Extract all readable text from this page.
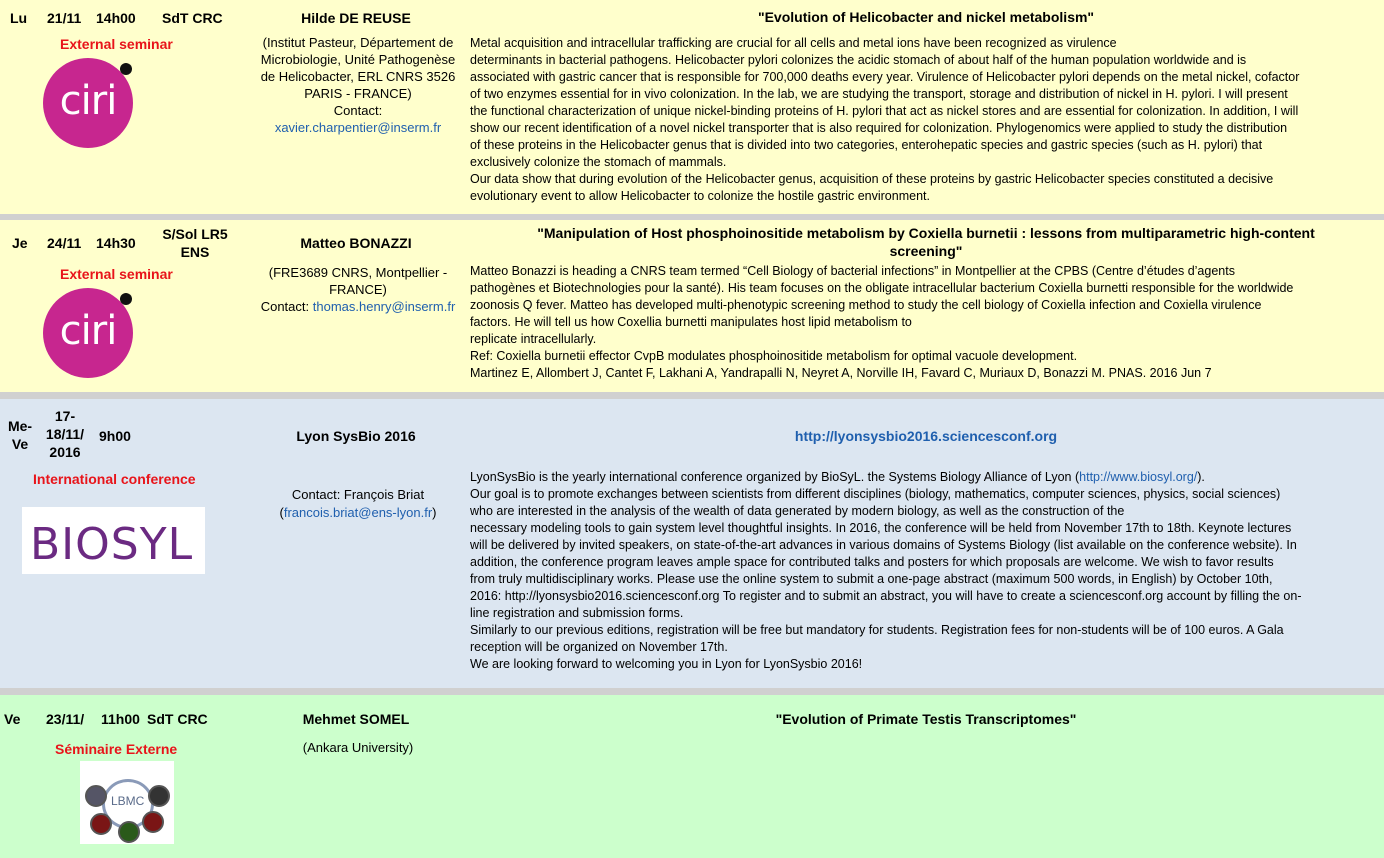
Lu 21/11 14h00 SdT CRC
External seminar
ciri
Hilde DE REUSE
(Institut Pasteur, Département de
Microbiologie, Unité Pathogenèse
de Helicobacter, ERL CNRS 3526
PARIS - FRANCE)
Contact:
xavier.charpentier@inserm.fr
"Evolution of Helicobacter and nickel metabolism"
Metal acquisition and intracellular trafficking are crucial for all cells and metal ions have been recognized as virulence
determinants in bacterial pathogens. Helicobacter pylori colonizes the acidic stomach of about half of the human population worldwide and is
associated with gastric cancer that is responsible for 700,000 deaths every year. Virulence of Helicobacter pylori depends on the metal nickel, cofactor
of two enzymes essential for in vivo colonization. In the lab, we are studying the transport, storage and distribution of nickel in H. pylori. I will present
the functional characterization of unique nickel-binding proteins of H. pylori that act as nickel stores and are essential for colonization. In addition, I will
show our recent identification of a novel nickel transporter that is also required for colonization. Phylogenomics were applied to study the distribution
of these proteins in the Helicobacter genus that is divided into two categories, enterohepatic species and gastric species (such as H. pylori) that
exclusively colonize the stomach of mammals.
Our data show that during evolution of the Helicobacter genus, acquisition of these proteins by gastric Helicobacter species constituted a decisive
evolutionary event to allow Helicobacter to colonize the hostile gastric environment.
Je 24/11 14h30
S/Sol LR5
ENS
External seminar
ciri
Matteo BONAZZI
(FRE3689 CNRS, Montpellier -
FRANCE)
Contact: thomas.henry@inserm.fr
"Manipulation of Host phosphoinositide metabolism by Coxiella burnetii : lessons from multiparametric high-content
screening"
Matteo Bonazzi is heading a CNRS team termed “Cell Biology of bacterial infections” in Montpellier at the CPBS (Centre d’études d’agents
pathogènes et Biotechnologies pour la santé). His team focuses on the obligate intracellular bacterium Coxiella burnetti responsible for the worldwide
zoonosis Q fever. Matteo has developed multi-phenotypic screening method to study the cell biology of Coxiella infection and Coxiella virulence
factors. He will tell us how Coxellia burnetti manipulates host lipid metabolism to
replicate intracellularly.
Ref: Coxiella burnetii effector CvpB modulates phosphoinositide metabolism for optimal vacuole development.
Martinez E, Allombert J, Cantet F, Lakhani A, Yandrapalli N, Neyret A, Norville IH, Favard C, Muriaux D, Bonazzi M. PNAS. 2016 Jun 7
Me-
Ve
17-
18/11/
2016
9h00
International conference
BIOSYL
Lyon SysBio 2016
Contact: François Briat
(francois.briat@ens-lyon.fr)
http://lyonsysbio2016.sciencesconf.org
LyonSysBio is the yearly international conference organized by BioSyL. the Systems Biology Alliance of Lyon (http://www.biosyl.org/).
Our goal is to promote exchanges between scientists from different disciplines (biology, mathematics, computer sciences, physics, social sciences)
who are interested in the analysis of the wealth of data generated by modern biology, as well as the construction of the
necessary modeling tools to gain system level thoughtful insights. In 2016, the conference will be held from November 17th to 18th. Keynote lectures
will be delivered by invited speakers, on state-of-the-art advances in various domains of Systems Biology (list available on the conference website). In
addition, the conference program leaves ample space for contributed talks and posters for which proposals are welcome. We wish to favor results
from truly multidisciplinary works. Please use the online system to submit a one-page abstract (maximum 500 words, in English) by October 10th,
2016: http://lyonsysbio2016.sciencesconf.org To register and to submit an abstract, you will have to create a sciencesconf.org account by filling the on-
line registration and submission forms.
Similarly to our previous editions, registration will be free but mandatory for students. Registration fees for non-students will be of 100 euros. A Gala
reception will be organized on November 17th.
We are looking forward to welcoming you in Lyon for LyonSysbio 2016!
Ve 23/11/ 11h00 SdT CRC
Séminaire Externe
LBMC
Mehmet SOMEL
(Ankara University)
"Evolution of Primate Testis Transcriptomes"
